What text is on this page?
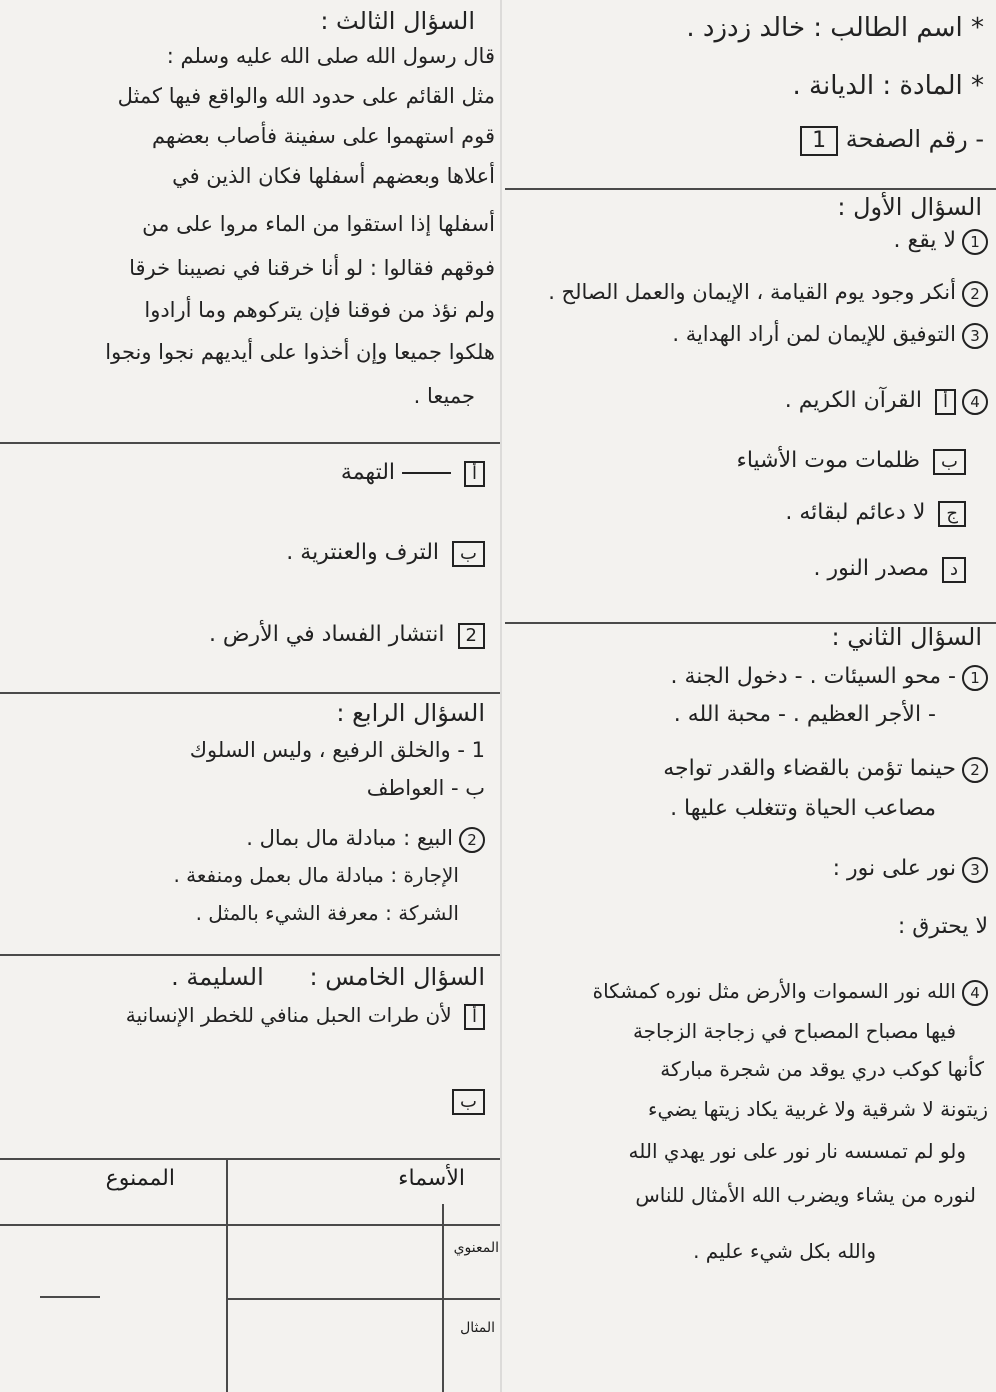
* اسم الطالب : خالد زدزد .
* المادة : الديانة .
- رقم الصفحة 1
السؤال الأول :
1لا يقع .
2أنكر وجود يوم القيامة ، الإيمان والعمل الصالح .
3التوفيق للإيمان لمن أراد الهداية .
4أ القرآن الكريم .
ب ظلمات موت الأشياء
ج لا دعائم لبقائه .
د مصدر النور .
السؤال الثاني :
1- محو السيئات . - دخول الجنة .
- الأجر العظيم . - محبة الله .
2حينما تؤمن بالقضاء والقدر تواجه
مصاعب الحياة وتتغلب عليها .
3نور على نور :
لا يحترق :
4الله نور السموات والأرض مثل نوره كمشكاة
فيها مصباح المصباح في زجاجة الزجاجة
كأنها كوكب دري يوقد من شجرة مباركة
زيتونة لا شرقية ولا غربية يكاد زيتها يضيء
ولو لم تمسسه نار نور على نور يهدي الله
لنوره من يشاء ويضرب الله الأمثال للناس
والله بكل شيء عليم .
السؤال الثالث :
قال رسول الله صلى الله عليه وسلم :
مثل القائم على حدود الله والواقع فيها كمثل
قوم استهموا على سفينة فأصاب بعضهم
أعلاها وبعضهم أسفلها فكان الذين في
أسفلها إذا استقوا من الماء مروا على من
فوقهم فقالوا : لو أنا خرقنا في نصيبنا خرقا
ولم نؤذ من فوقنا فإن يتركوهم وما أرادوا
هلكوا جميعا وإن أخذوا على أيديهم نجوا ونجوا
جميعا .
أ         التهمة
ب الترف والعنترية .
2 انتشار الفساد في الأرض .
السؤال الرابع :
1 - والخلق الرفيع ، وليس السلوك
ب - العواطف
2البيع : مبادلة مال بمال .
الإجارة : مبادلة مال بعمل ومنفعة .
الشركة : معرفة الشيء بالمثل .
السؤال الخامس :      السليمة .
أ لأن طرات الحبل منافي للخطر الإنسانية
ب
الأسماء
الممنوع
المعنوي
المثال
